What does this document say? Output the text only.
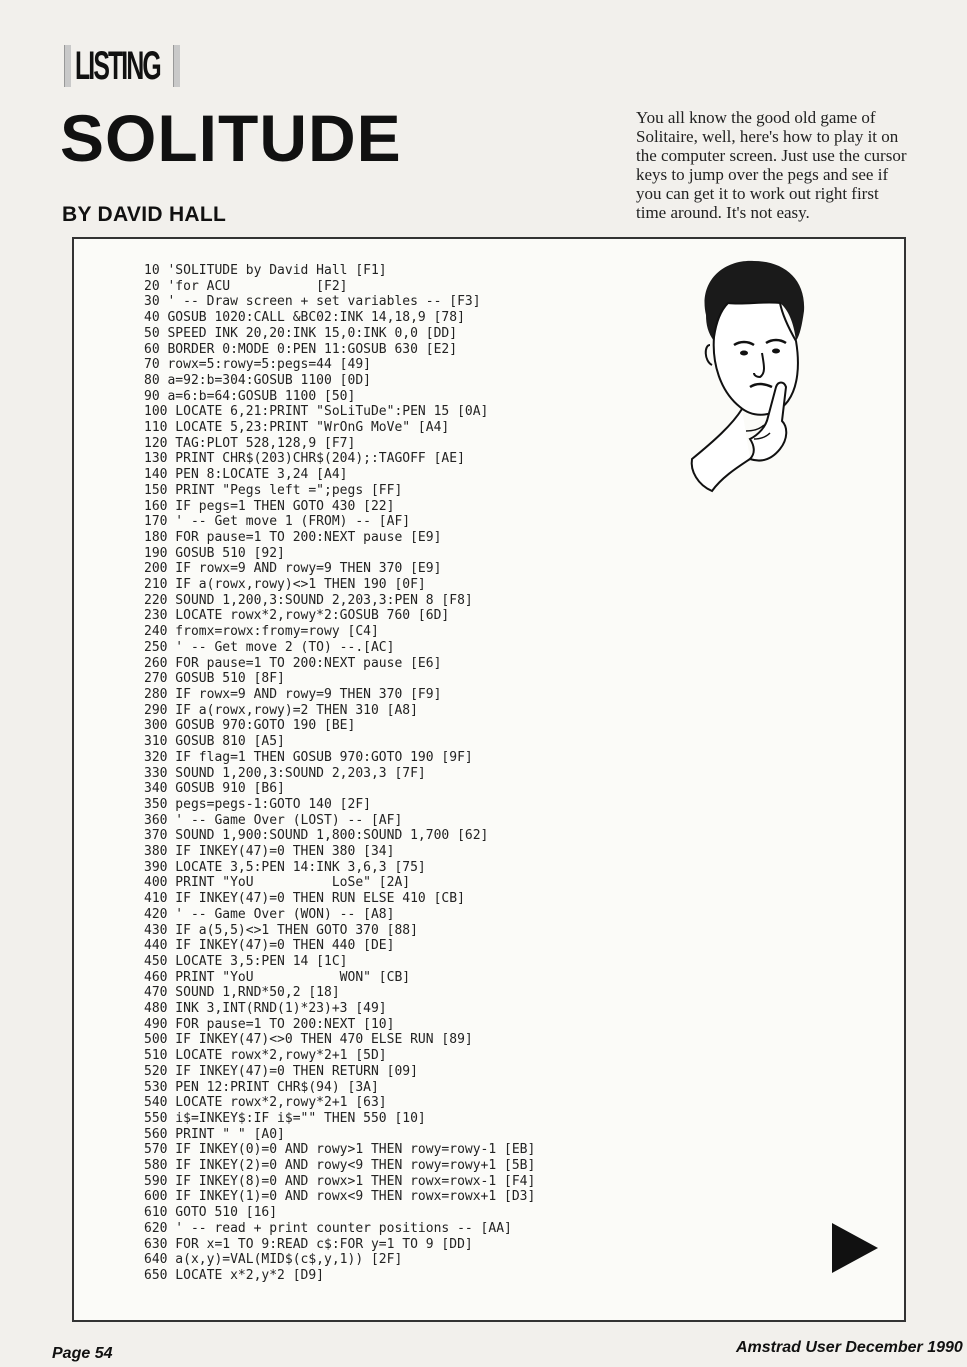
LISTING
SOLITUDE
BY DAVID HALL

You all know the good old game of Solitaire, well, here's how to play it on the computer screen. Just use the cursor keys to jump over the pegs and see if you can get it to work out right first time around. It's not easy.

10 'SOLITUDE by David Hall [F1]
20 'for ACU           [F2]
30 ' -- Draw screen + set variables -- [F3]
40 GOSUB 1020:CALL &BC02:INK 14,18,9 [78]
50 SPEED INK 20,20:INK 15,0:INK 0,0 [DD]
60 BORDER 0:MODE 0:PEN 11:GOSUB 630 [E2]
70 rowx=5:rowy=5:pegs=44 [49]
80 a=92:b=304:GOSUB 1100 [0D]
90 a=6:b=64:GOSUB 1100 [50]
100 LOCATE 6,21:PRINT "SoLiTuDe":PEN 15 [0A]
110 LOCATE 5,23:PRINT "WrOnG MoVe" [A4]
120 TAG:PLOT 528,128,9 [F7]
130 PRINT CHR$(203)CHR$(204);:TAGOFF [AE]
140 PEN 8:LOCATE 3,24 [A4]
150 PRINT "Pegs left =";pegs [FF]
160 IF pegs=1 THEN GOTO 430 [22]
170 ' -- Get move 1 (FROM) -- [AF]
180 FOR pause=1 TO 200:NEXT pause [E9]
190 GOSUB 510 [92]
200 IF rowx=9 AND rowy=9 THEN 370 [E9]
210 IF a(rowx,rowy)<>1 THEN 190 [0F]
220 SOUND 1,200,3:SOUND 2,203,3:PEN 8 [F8]
230 LOCATE rowx*2,rowy*2:GOSUB 760 [6D]
240 fromx=rowx:fromy=rowy [C4]
250 ' -- Get move 2 (TO) --.[AC]
260 FOR pause=1 TO 200:NEXT pause [E6]
270 GOSUB 510 [8F]
280 IF rowx=9 AND rowy=9 THEN 370 [F9]
290 IF a(rowx,rowy)=2 THEN 310 [A8]
300 GOSUB 970:GOTO 190 [BE]
310 GOSUB 810 [A5]
320 IF flag=1 THEN GOSUB 970:GOTO 190 [9F]
330 SOUND 1,200,3:SOUND 2,203,3 [7F]
340 GOSUB 910 [B6]
350 pegs=pegs-1:GOTO 140 [2F]
360 ' -- Game Over (LOST) -- [AF]
370 SOUND 1,900:SOUND 1,800:SOUND 1,700 [62]
380 IF INKEY(47)=0 THEN 380 [34]
390 LOCATE 3,5:PEN 14:INK 3,6,3 [75]
400 PRINT "YoU          LoSe" [2A]
410 IF INKEY(47)=0 THEN RUN ELSE 410 [CB]
420 ' -- Game Over (WON) -- [A8]
430 IF a(5,5)<>1 THEN GOTO 370 [88]
440 IF INKEY(47)=0 THEN 440 [DE]
450 LOCATE 3,5:PEN 14 [1C]
460 PRINT "YoU           WON" [CB]
470 SOUND 1,RND*50,2 [18]
480 INK 3,INT(RND(1)*23)+3 [49]
490 FOR pause=1 TO 200:NEXT [10]
500 IF INKEY(47)<>0 THEN 470 ELSE RUN [89]
510 LOCATE rowx*2,rowy*2+1 [5D]
520 IF INKEY(47)=0 THEN RETURN [09]
530 PEN 12:PRINT CHR$(94) [3A]
540 LOCATE rowx*2,rowy*2+1 [63]
550 i$=INKEY$:IF i$="" THEN 550 [10]
560 PRINT " " [A0]
570 IF INKEY(0)=0 AND rowy>1 THEN rowy=rowy-1 [EB]
580 IF INKEY(2)=0 AND rowy<9 THEN rowy=rowy+1 [5B]
590 IF INKEY(8)=0 AND rowx>1 THEN rowx=rowx-1 [F4]
600 IF INKEY(1)=0 AND rowx<9 THEN rowx=rowx+1 [D3]
610 GOTO 510 [16]
620 ' -- read + print counter positions -- [AA]
630 FOR x=1 TO 9:READ c$:FOR y=1 TO 9 [DD]
640 a(x,y)=VAL(MID$(c$,y,1)) [2F]
650 LOCATE x*2,y*2 [D9]
Page 54	Amstrad User December 1990
